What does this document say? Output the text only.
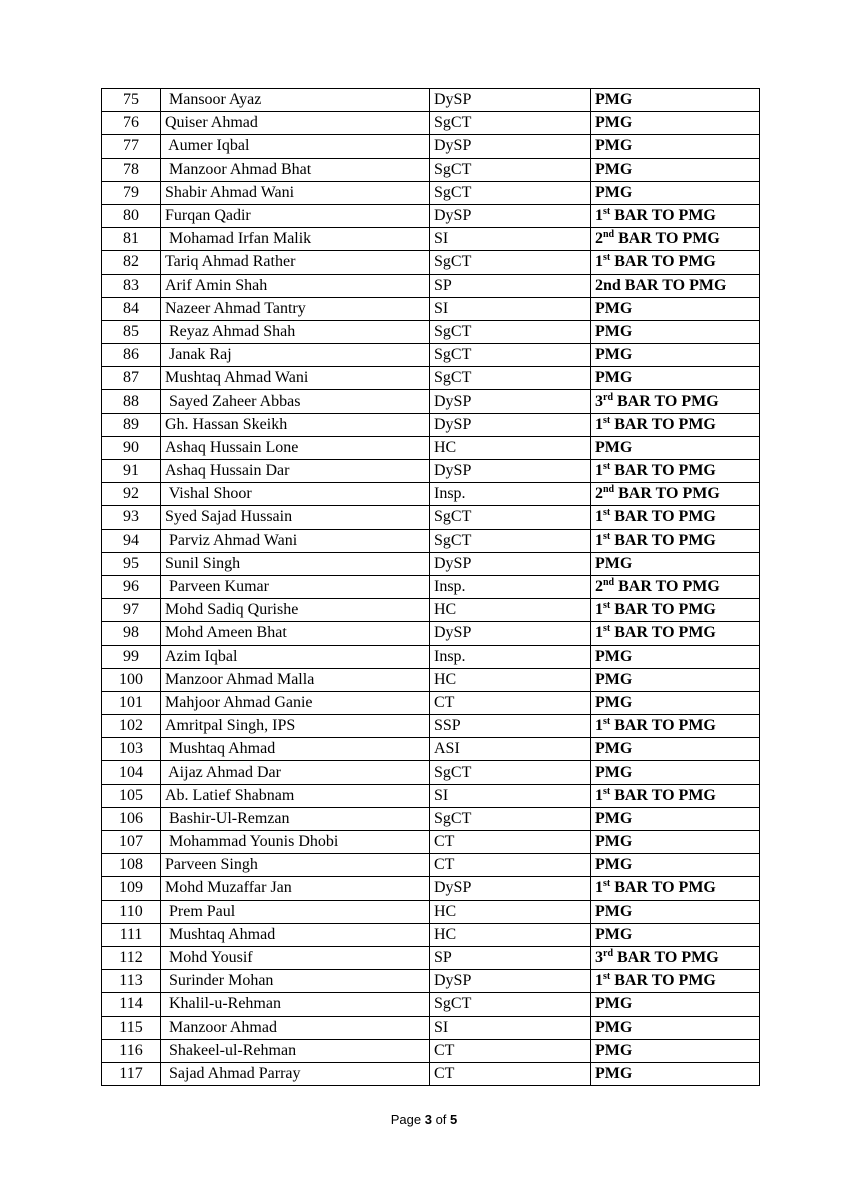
75	Mansoor Ayaz	DySP	PMG
76	Quiser Ahmad	SgCT	PMG
77	Aumer Iqbal	DySP	PMG
78	Manzoor Ahmad Bhat	SgCT	PMG
79	Shabir Ahmad Wani	SgCT	PMG
80	Furqan Qadir	DySP	1st BAR TO PMG
81	Mohamad Irfan Malik	SI	2nd BAR TO PMG
82	Tariq Ahmad Rather	SgCT	1st BAR TO PMG
83	Arif Amin Shah	SP	2nd BAR TO PMG
84	Nazeer Ahmad Tantry	SI	PMG
85	Reyaz Ahmad Shah	SgCT	PMG
86	Janak Raj	SgCT	PMG
87	Mushtaq Ahmad Wani	SgCT	PMG
88	Sayed Zaheer Abbas	DySP	3rd BAR TO PMG
89	Gh. Hassan Skeikh	DySP	1st BAR TO PMG
90	Ashaq Hussain Lone	HC	PMG
91	Ashaq Hussain Dar	DySP	1st BAR TO PMG
92	Vishal Shoor	Insp.	2nd BAR TO PMG
93	Syed Sajad Hussain	SgCT	1st BAR TO PMG
94	Parviz Ahmad Wani	SgCT	1st BAR TO PMG
95	Sunil Singh	DySP	PMG
96	Parveen Kumar	Insp.	2nd BAR TO PMG
97	Mohd Sadiq Qurishe	HC	1st BAR TO PMG
98	Mohd Ameen Bhat	DySP	1st BAR TO PMG
99	Azim Iqbal	Insp.	PMG
100	Manzoor Ahmad Malla	HC	PMG
101	Mahjoor Ahmad Ganie	CT	PMG
102	Amritpal Singh, IPS	SSP	1st BAR TO PMG
103	Mushtaq Ahmad	ASI	PMG
104	Aijaz Ahmad Dar	SgCT	PMG
105	Ab. Latief Shabnam	SI	1st BAR TO PMG
106	Bashir-Ul-Remzan	SgCT	PMG
107	Mohammad Younis Dhobi	CT	PMG
108	Parveen Singh	CT	PMG
109	Mohd Muzaffar Jan	DySP	1st BAR TO PMG
110	Prem Paul	HC	PMG
111	Mushtaq Ahmad	HC	PMG
112	Mohd Yousif	SP	3rd BAR TO PMG
113	Surinder Mohan	DySP	1st BAR TO PMG
114	Khalil-u-Rehman	SgCT	PMG
115	Manzoor Ahmad	SI	PMG
116	Shakeel-ul-Rehman	CT	PMG
117	Sajad Ahmad Parray	CT	PMG
Page 3 of 5
